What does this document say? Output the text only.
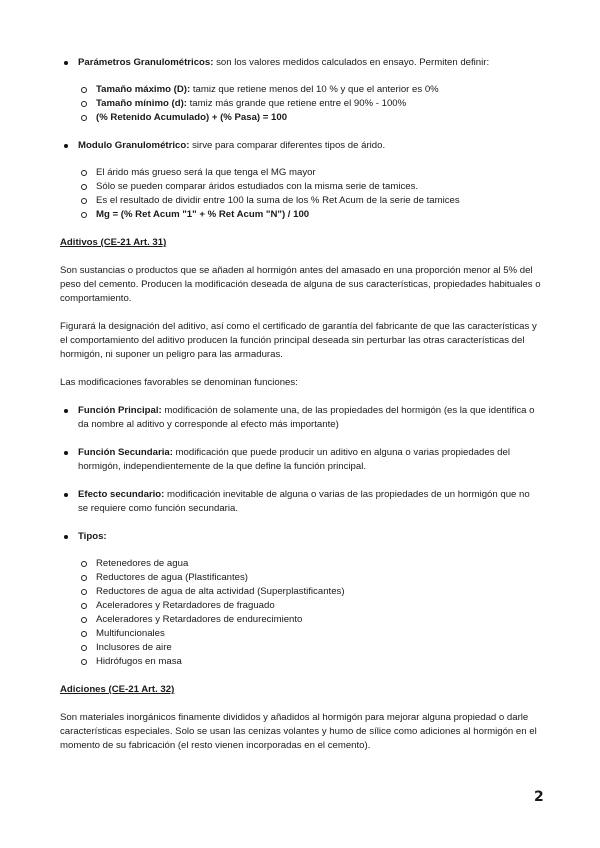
Parámetros Granulométricos: son los valores medidos calculados en ensayo. Permiten definir:
Tamaño máximo (D): tamiz que retiene menos del 10 % y que el anterior es 0%
Tamaño mínimo (d): tamiz más grande que retiene entre el 90% - 100%
(% Retenido Acumulado) + (% Pasa) = 100
Modulo Granulométrico: sirve para comparar diferentes tipos de árido.
El árido más grueso será la que tenga el MG mayor
Sólo se pueden comparar áridos estudiados con la misma serie de tamices.
Es el resultado de dividir entre 100 la suma de los % Ret Acum de la serie de tamices
Mg = (% Ret Acum "1" + % Ret Acum "N") / 100

Aditivos (CE-21 Art. 31)

Son sustancias o productos que se añaden al hormigón antes del amasado en una proporción menor al 5% del peso del cemento. Producen la modificación deseada de alguna de sus características, propiedades habituales o comportamiento.

Figurará la designación del aditivo, así como el certificado de garantía del fabricante de que las características y el comportamiento del aditivo producen la función principal deseada sin perturbar las otras características del hormigón, ni suponer un peligro para las armaduras.

Las modificaciones favorables se denominan funciones:

Función Principal: modificación de solamente una, de las propiedades del hormigón (es la que identifica o da nombre al aditivo y corresponde al efecto más importante)
Función Secundaria: modificación que puede producir un aditivo en alguna o varias propiedades del hormigón, independientemente de la que define la función principal.
Efecto secundario: modificación inevitable de alguna o varias de las propiedades de un hormigón que no se requiere como función secundaria.
Tipos:
Retenedores de agua
Reductores de agua (Plastificantes)
Reductores de agua de alta actividad (Superplastificantes)
Aceleradores y Retardadores de fraguado
Aceleradores y Retardadores de endurecimiento
Multifuncionales
Inclusores de aire
Hidrófugos en masa

Adiciones (CE-21 Art. 32)

Son materiales inorgánicos finamente divididos y añadidos al hormigón para mejorar alguna propiedad o darle características especiales. Solo se usan las cenizas volantes y humo de sílice como adiciones al hormigón en el momento de su fabricación (el resto vienen incorporadas en el cemento).

2
